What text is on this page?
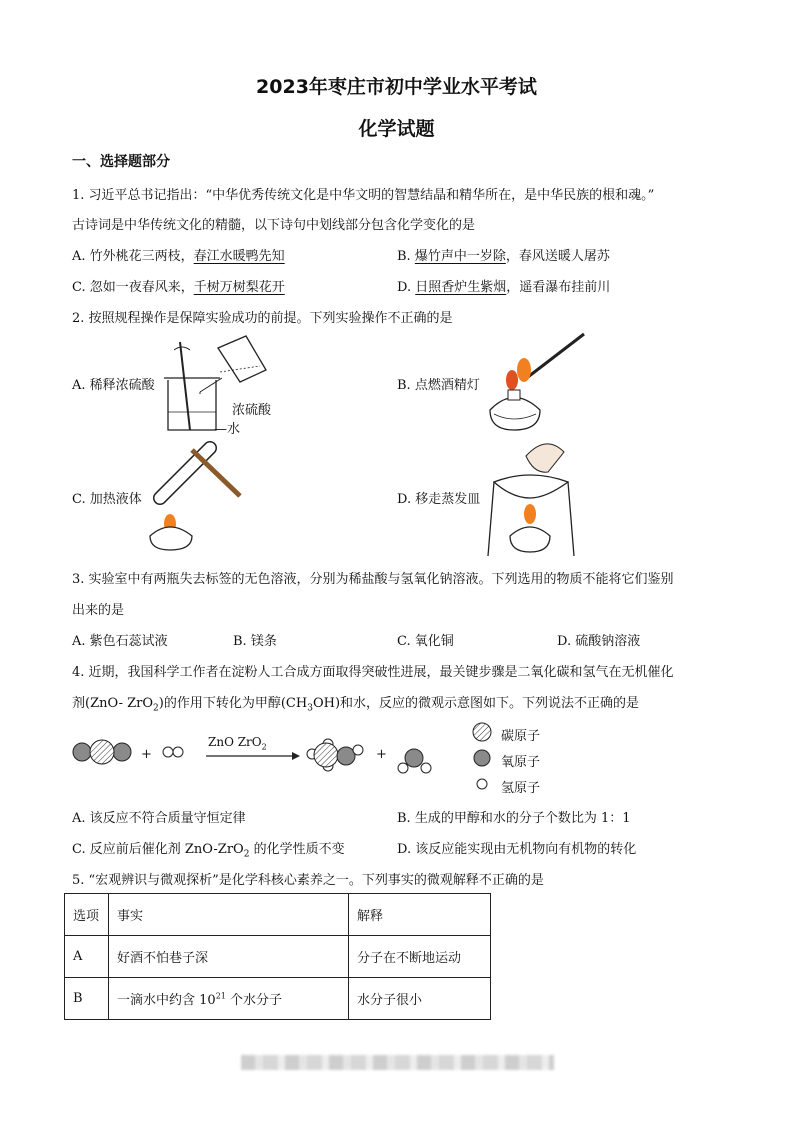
2023年枣庄市初中学业水平考试
化学试题
一、选择题部分
1. 习近平总书记指出：“中华优秀传统文化是中华文明的智慧结晶和精华所在，是中华民族的根和魂。”
古诗词是中华传统文化的精髓，以下诗句中划线部分包含化学变化的是
A. 竹外桃花三两枝，春江水暖鸭先知	B. 爆竹声中一岁除，春风送暖人屠苏
C. 忽如一夜春风来，千树万树梨花开	D. 日照香炉生紫烟，遥看瀑布挂前川
2. 按照规程操作是保障实验成功的前提。下列实验操作不正确的是
A. 稀释浓硫酸	B. 点燃酒精灯
C. 加热液体	D. 移走蒸发皿
浓硫酸
—水
3. 实验室中有两瓶失去标签的无色溶液，分别为稀盐酸与氢氧化钠溶液。下列选用的物质不能将它们鉴别
出来的是
A. 紫色石蕊试液	B. 镁条	C. 氧化铜	D. 硫酸钠溶液
4. 近期，我国科学工作者在淀粉人工合成方面取得突破性进展，最关键步骤是二氧化碳和氢气在无机催化
剂(ZnO- ZrO$_2$)的作用下转化为甲醇$(CH_3OH)$和水，反应的微观示意图如下。下列说法不正确的是
+	+
ZnO ZrO$_2$
碳原子
氧原子
氢原子
A. 该反应不符合质量守恒定律	B. 生成的甲醇和水的分子个数比为 1：1
C. 反应前后催化剂 ZnO-ZrO$_2$ 的化学性质不变	D. 该反应能实现由无机物向有机物的转化
5. “宏观辨识与微观探析”是化学科核心素养之一。下列事实的微观解释不正确的是
选项	事实	解释
A	好酒不怕巷子深	分子在不断地运动
B	一滴水中约含 $10^{21}$ 个水分子	水分子很小
